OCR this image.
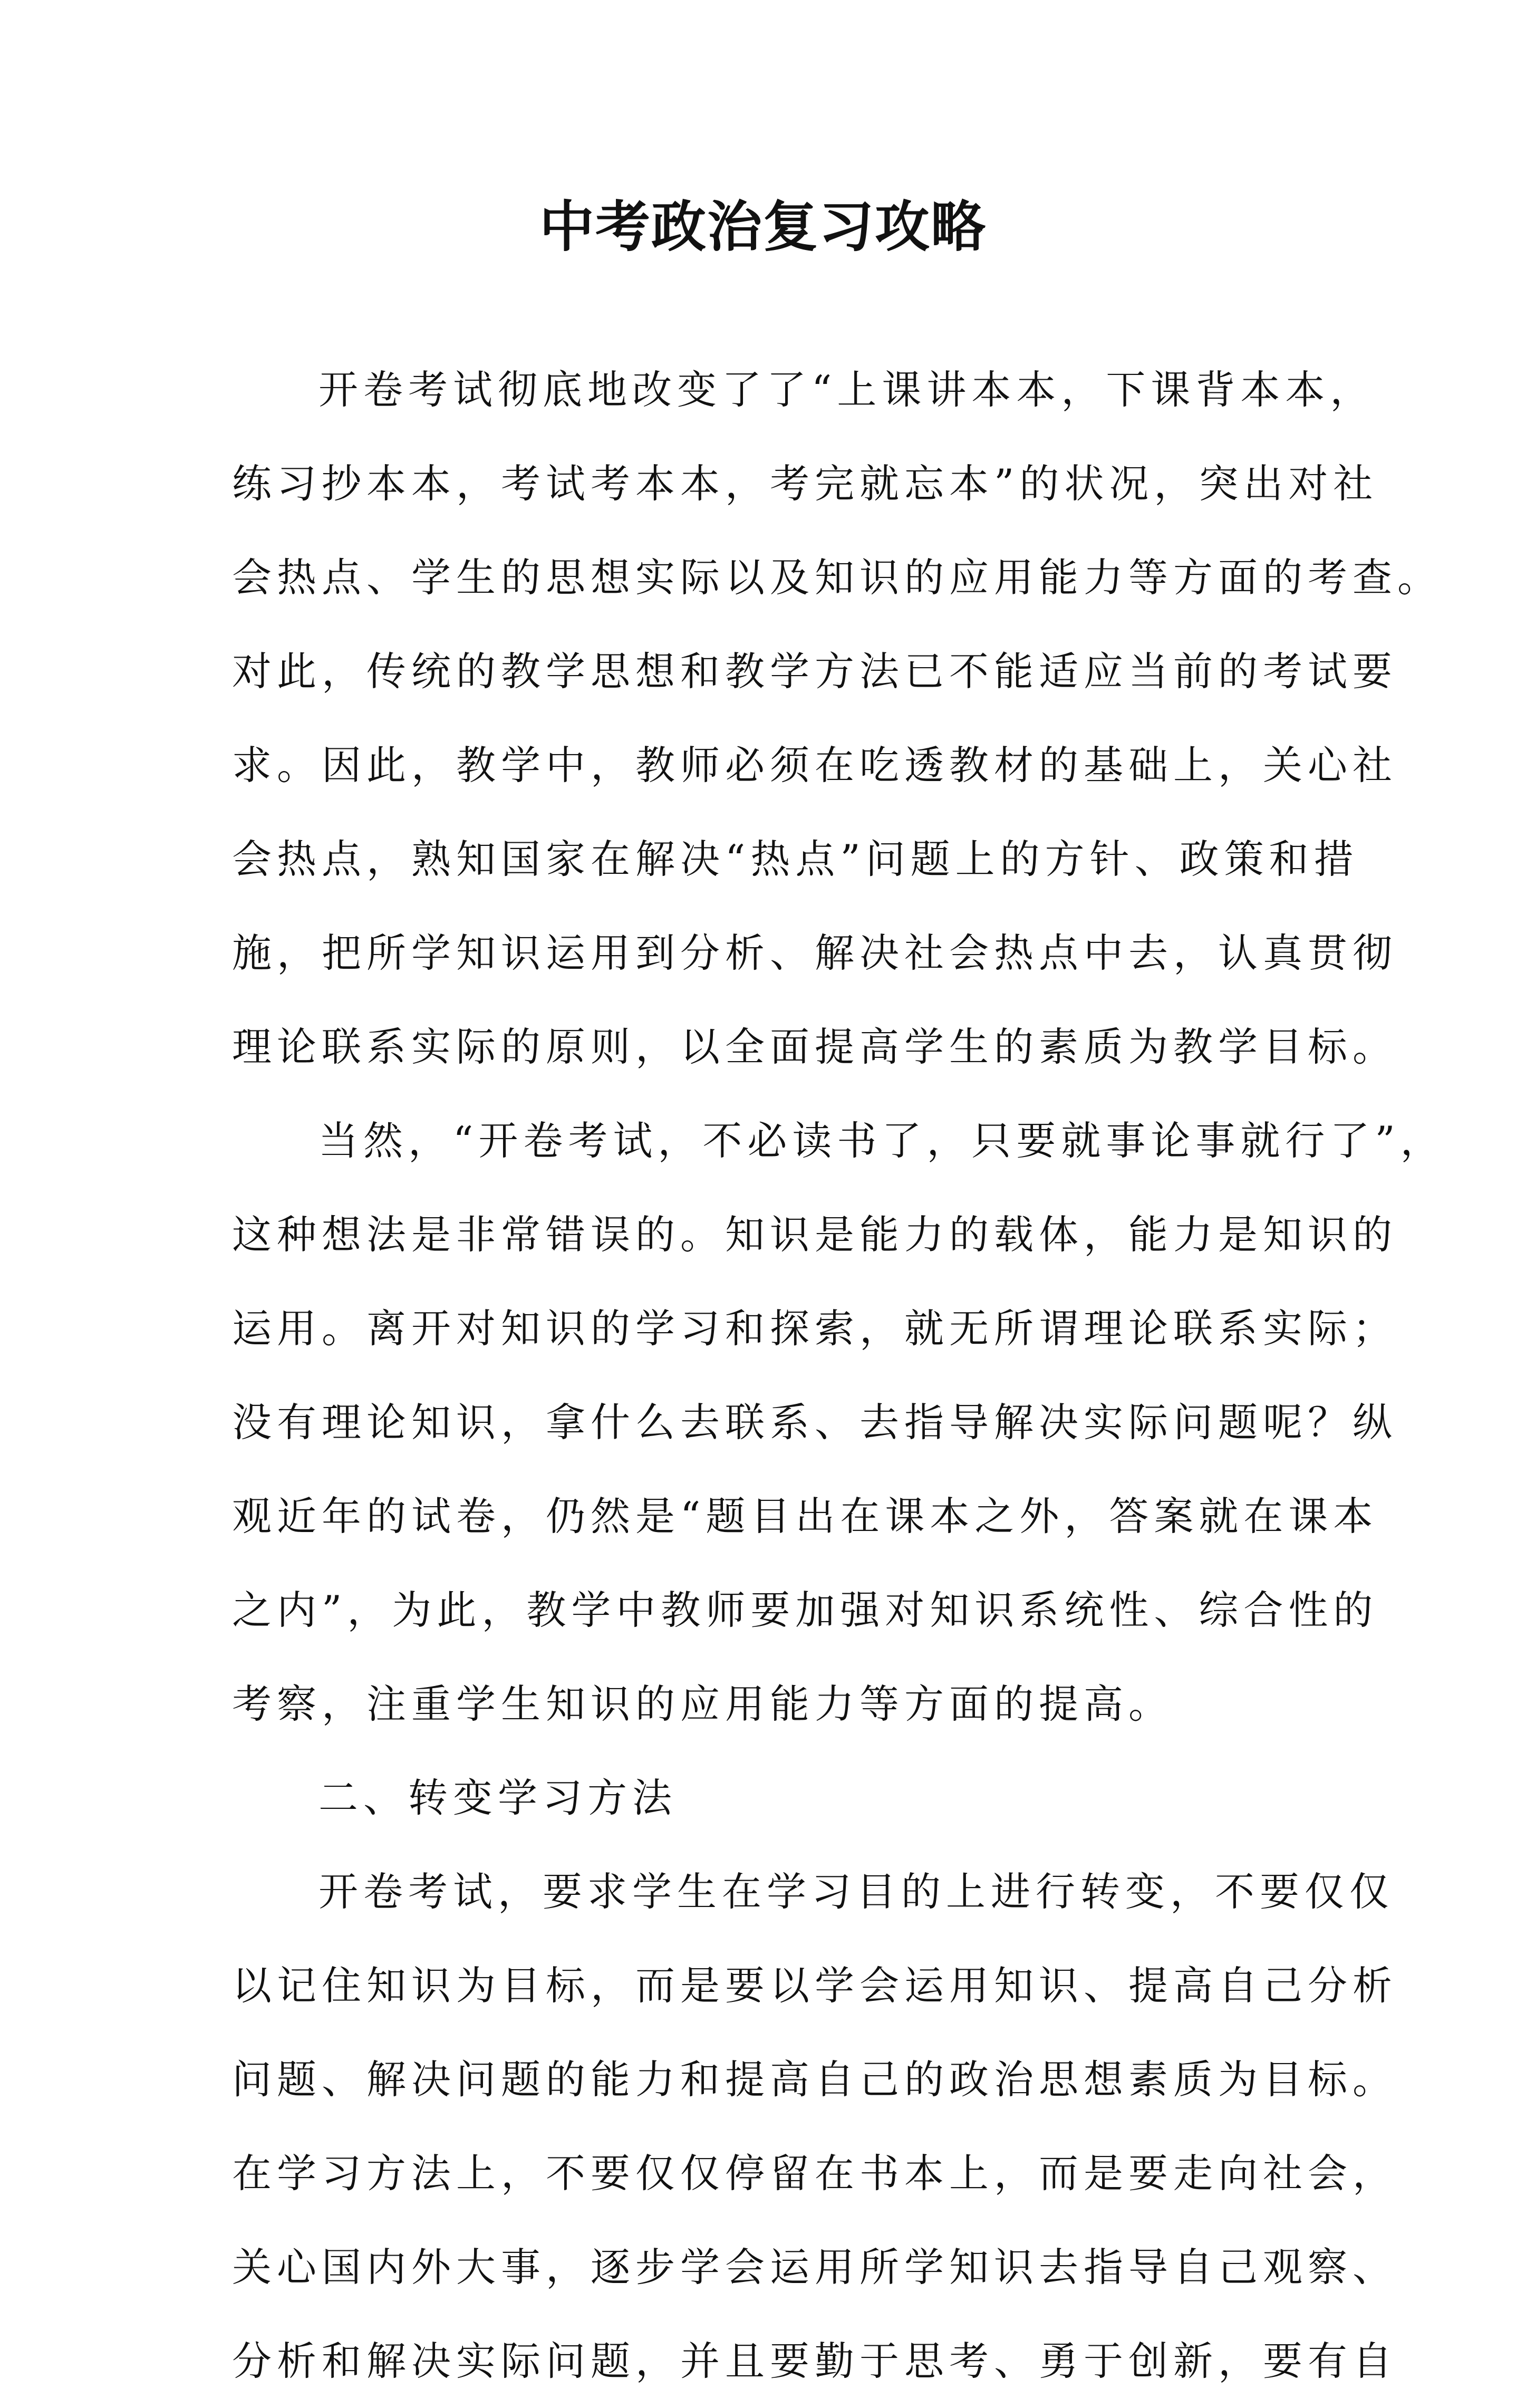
中考政治复习攻略
开卷考试彻底地改变了了“上课讲本本，下课背本本，
练习抄本本，考试考本本，考完就忘本”的状况，突出对社
会热点、学生的思想实际以及知识的应用能力等方面的考查。
对此，传统的教学思想和教学方法已不能适应当前的考试要
求。因此，教学中，教师必须在吃透教材的基础上，关心社
会热点，熟知国家在解决“热点”问题上的方针、政策和措
施，把所学知识运用到分析、解决社会热点中去，认真贯彻
理论联系实际的原则，以全面提高学生的素质为教学目标。
当然，“开卷考试，不必读书了，只要就事论事就行了”，
这种想法是非常错误的。知识是能力的载体，能力是知识的
运用。离开对知识的学习和探索，就无所谓理论联系实际；
没有理论知识，拿什么去联系、去指导解决实际问题呢？纵
观近年的试卷，仍然是“题目出在课本之外，答案就在课本
之内”，为此，教学中教师要加强对知识系统性、综合性的
考察，注重学生知识的应用能力等方面的提高。
二、转变学习方法
开卷考试，要求学生在学习目的上进行转变，不要仅仅
以记住知识为目标，而是要以学会运用知识、提高自己分析
问题、解决问题的能力和提高自己的政治思想素质为目标。
在学习方法上，不要仅仅停留在书本上，而是要走向社会，
关心国内外大事，逐步学会运用所学知识去指导自己观察、
分析和解决实际问题，并且要勤于思考、勇于创新，要有自
